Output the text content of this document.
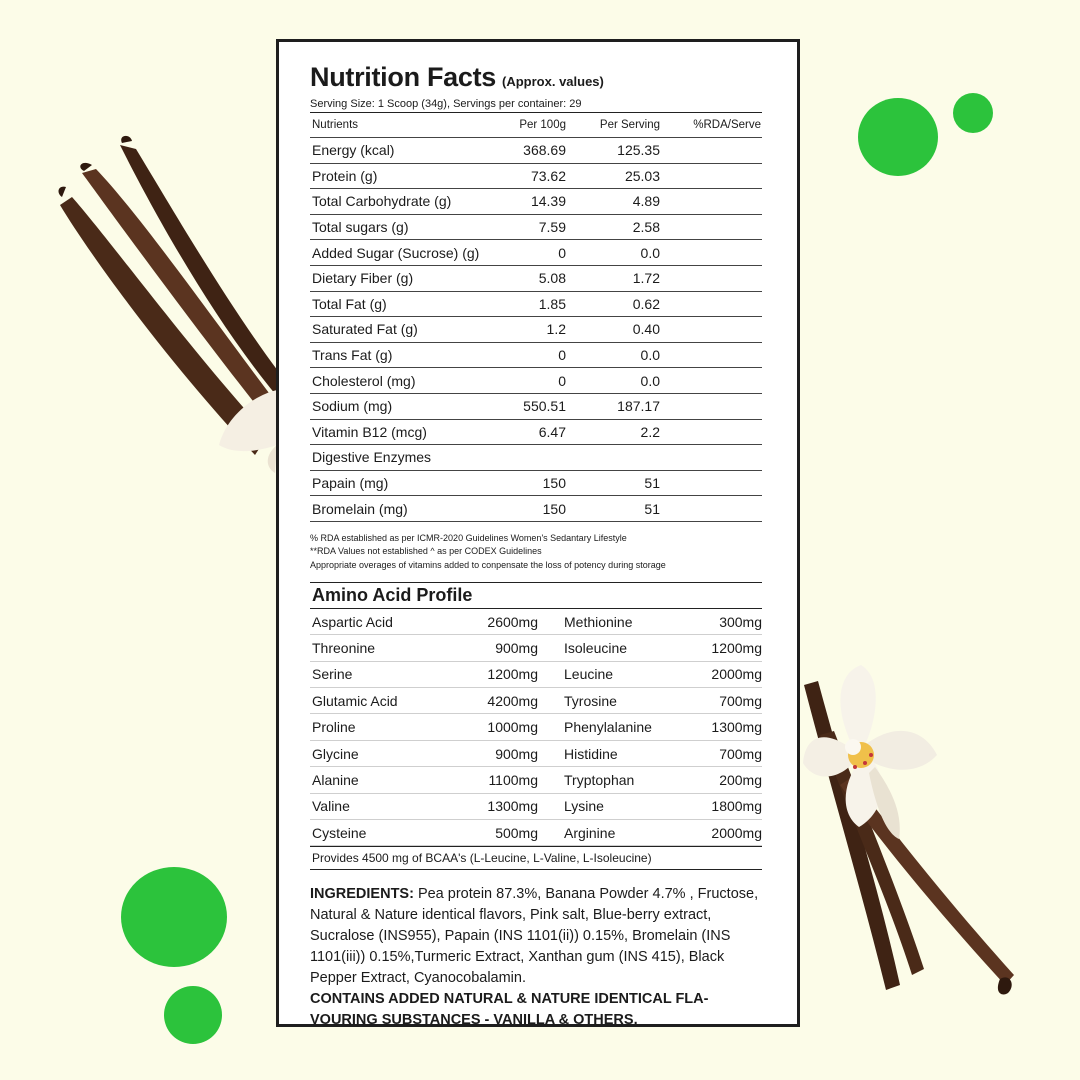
Nutrition Facts (Approx. values)
Serving Size: 1 Scoop (34g), Servings per container: 29
Nutrients	Per 100g	Per Serving	%RDA/Serve
Energy (kcal)	368.69	125.35
Protein (g)	73.62	25.03
Total Carbohydrate (g)	14.39	4.89
Total sugars (g)	7.59	2.58
Added Sugar (Sucrose) (g)	0	0.0
Dietary Fiber (g)	5.08	1.72
Total Fat (g)	1.85	0.62
Saturated Fat (g)	1.2	0.40
Trans Fat (g)	0	0.0
Cholesterol (mg)	0	0.0
Sodium (mg)	550.51	187.17
Vitamin B12 (mcg)	6.47	2.2
Digestive Enzymes
Papain (mg)	150	51
Bromelain (mg)	150	51
% RDA established as per ICMR-2020 Guidelines Women's Sedantary Lifestyle
**RDA Values not established ^ as per CODEX Guidelines
Appropriate overages of vitamins added to conpensate the loss of potency during storage
Amino Acid Profile
Aspartic Acid	2600mg	Methionine	300mg
Threonine	900mg	Isoleucine	1200mg
Serine	1200mg	Leucine	2000mg
Glutamic Acid	4200mg	Tyrosine	700mg
Proline	1000mg	Phenylalanine	1300mg
Glycine	900mg	Histidine	700mg
Alanine	1100mg	Tryptophan	200mg
Valine	1300mg	Lysine	1800mg
Cysteine	500mg	Arginine	2000mg
Provides 4500 mg of BCAA's (L-Leucine, L-Valine, L-Isoleucine)
INGREDIENTS: Pea protein 87.3%, Banana Powder 4.7% , Fructose, Natural & Nature identical flavors, Pink salt, Blue-berry extract, Sucralose (INS955), Papain (INS 1101(ii)) 0.15%, Bromelain (INS 1101(iii)) 0.15%,Turmeric Extract, Xanthan gum (INS 415), Black Pepper Extract, Cyanocobalamin.
CONTAINS ADDED NATURAL & NATURE IDENTICAL FLA-VOURING SUBSTANCES - VANILLA & OTHERS.
